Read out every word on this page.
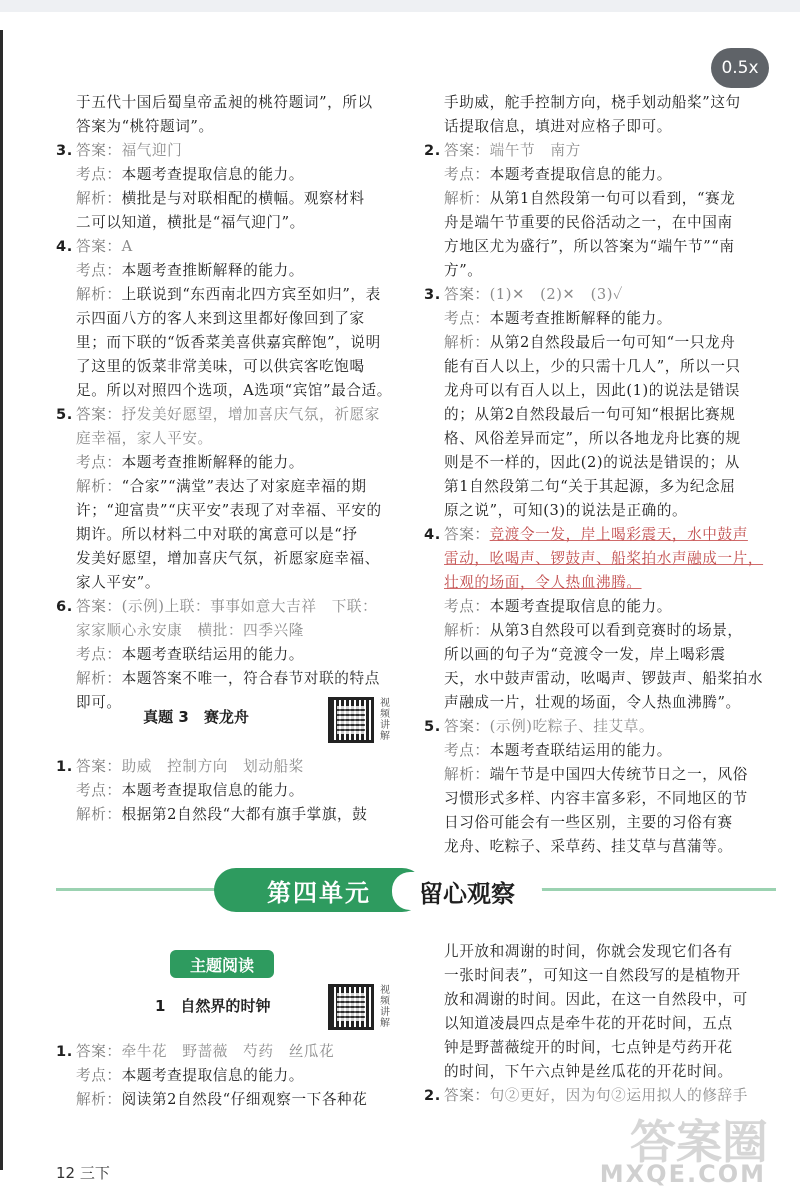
0.5x
于五代十国后蜀皇帝孟昶的桃符题词”，所以
答案为“桃符题词”。
3. 答案：福气迎门
考点：本题考查提取信息的能力。
解析：横批是与对联相配的横幅。观察材料
二可以知道，横批是“福气迎门”。
4. 答案：A
考点：本题考查推断解释的能力。
解析：上联说到“东西南北四方宾至如归”，表
示四面八方的客人来到这里都好像回到了家
里；而下联的“饭香菜美喜供嘉宾醉饱”，说明
了这里的饭菜非常美味，可以供宾客吃饱喝
足。所以对照四个选项，A选项“宾馆”最合适。
5. 答案：抒发美好愿望，增加喜庆气氛，祈愿家
庭幸福，家人平安。
考点：本题考查推断解释的能力。
解析：“合家”“满堂”表达了对家庭幸福的期
许；“迎富贵”“庆平安”表现了对幸福、平安的
期许。所以材料二中对联的寓意可以是“抒
发美好愿望，增加喜庆气氛，祈愿家庭幸福、
家人平安”。
6. 答案：(示例)上联：事事如意大吉祥　下联：
家家顺心永安康　横批：四季兴隆
考点：本题考查联结运用的能力。
解析：本题答案不唯一，符合春节对联的特点
即可。
手助威，舵手控制方向，桡手划动船桨”这句
话提取信息，填进对应格子即可。
2. 答案：端午节　南方
考点：本题考查提取信息的能力。
解析：从第1自然段第一句可以看到，“赛龙
舟是端午节重要的民俗活动之一，在中国南
方地区尤为盛行”，所以答案为“端午节”“南
方”。
3. 答案：(1)✕　(2)✕　(3)✓
考点：本题考查推断解释的能力。
解析：从第2自然段最后一句可知“一只龙舟
能有百人以上，少的只需十几人”，所以一只
龙舟可以有百人以上，因此(1)的说法是错误
的；从第2自然段最后一句可知“根据比赛规
格、风俗差异而定”，所以各地龙舟比赛的规
则是不一样的，因此(2)的说法是错误的；从
第1自然段第二句“关于其起源，多为纪念屈
原之说”，可知(3)的说法是正确的。
4. 答案：竞渡令一发，岸上喝彩震天，水中鼓声
雷动，吆喝声、锣鼓声、船桨拍水声融成一片，
壮观的场面，令人热血沸腾。
考点：本题考查提取信息的能力。
解析：从第3自然段可以看到竞赛时的场景，
所以画的句子为“竞渡令一发，岸上喝彩震
天，水中鼓声雷动，吆喝声、锣鼓声、船桨拍水
声融成一片，壮观的场面，令人热血沸腾”。
5. 答案：(示例)吃粽子、挂艾草。
考点：本题考查联结运用的能力。
解析：端午节是中国四大传统节日之一，风俗
习惯形式多样、内容丰富多彩，不同地区的节
日习俗可能会有一些区别，主要的习俗有赛
龙舟、吃粽子、采草药、挂艾草与菖蒲等。
真题 3　赛龙舟
视频讲解
1. 答案：助威　控制方向　划动船桨
考点：本题考查提取信息的能力。
解析：根据第2自然段“大都有旗手掌旗，鼓
第四单元	留心观察
主题阅读
1　自然界的时钟
视频讲解
1. 答案：牵牛花　野蔷薇　芍药　丝瓜花
考点：本题考查提取信息的能力。
解析：阅读第2自然段“仔细观察一下各种花
儿开放和凋谢的时间，你就会发现它们各有
一张时间表”，可知这一自然段写的是植物开
放和凋谢的时间。因此，在这一自然段中，可
以知道凌晨四点是牵牛花的开花时间，五点
钟是野蔷薇绽开的时间，七点钟是芍药开花
的时间，下午六点钟是丝瓜花的开花时间。
2. 答案：句②更好，因为句②运用拟人的修辞手
12 三下
答案圈
MXQE.COM
